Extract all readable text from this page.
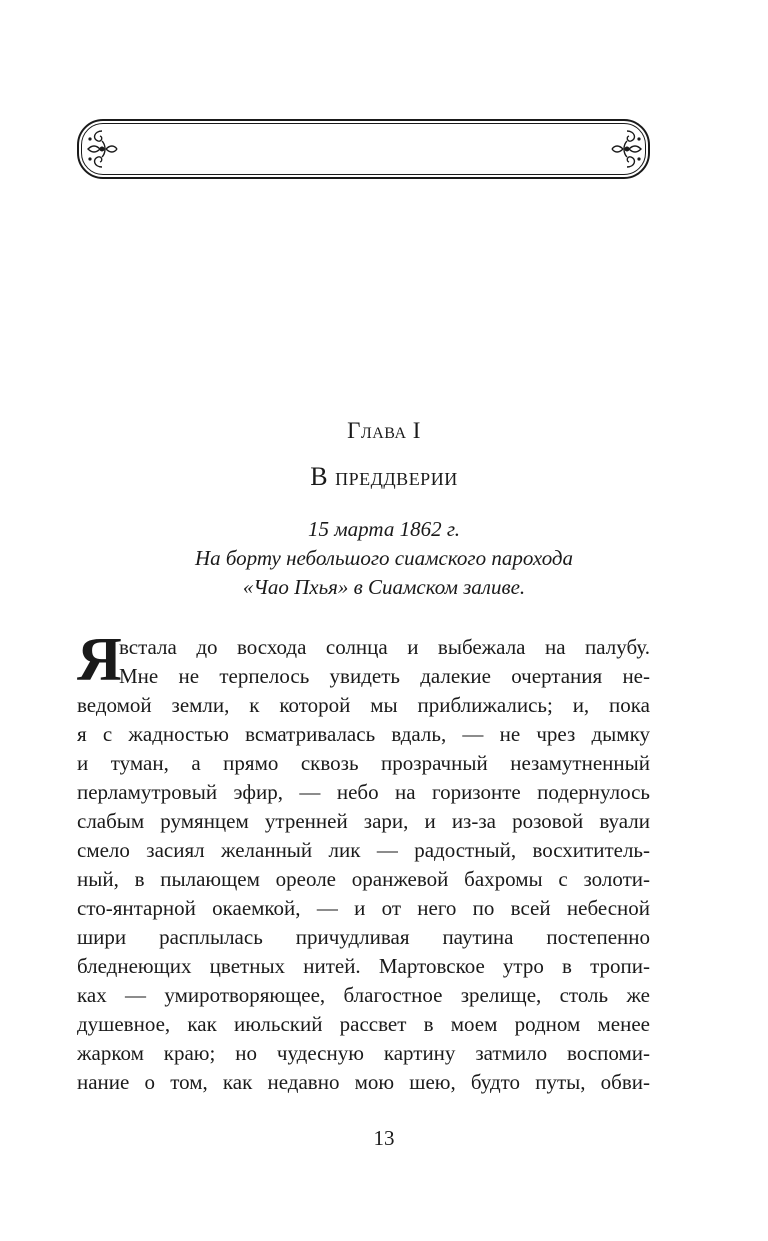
Глава I
В преддверии
15 марта 1862 г.
На борту небольшого сиамского парохода
«Чао Пхья» в Сиамском заливе.
Я
встала до восхода солнца и выбежала на палубу.
Мне не терпелось увидеть далекие очертания не-
ведомой земли, к которой мы приближались; и, пока
я с жадностью всматривалась вдаль, — не чрез дымку
и туман, а прямо сквозь прозрачный незамутненный
перламутровый эфир, — небо на горизонте подернулось
слабым румянцем утренней зари, и из-за розовой вуали
смело засиял желанный лик — радостный, восхититель-
ный, в пылающем ореоле оранжевой бахромы с золоти-
сто-янтарной окаемкой, — и от него по всей небесной
шири расплылась причудливая паутина постепенно
бледнеющих цветных нитей. Мартовское утро в тропи-
ках — умиротворяющее, благостное зрелище, столь же
душевное, как июльский рассвет в моем родном менее
жарком краю; но чудесную картину затмило воспоми-
нание о том, как недавно мою шею, будто путы, обви-
13
